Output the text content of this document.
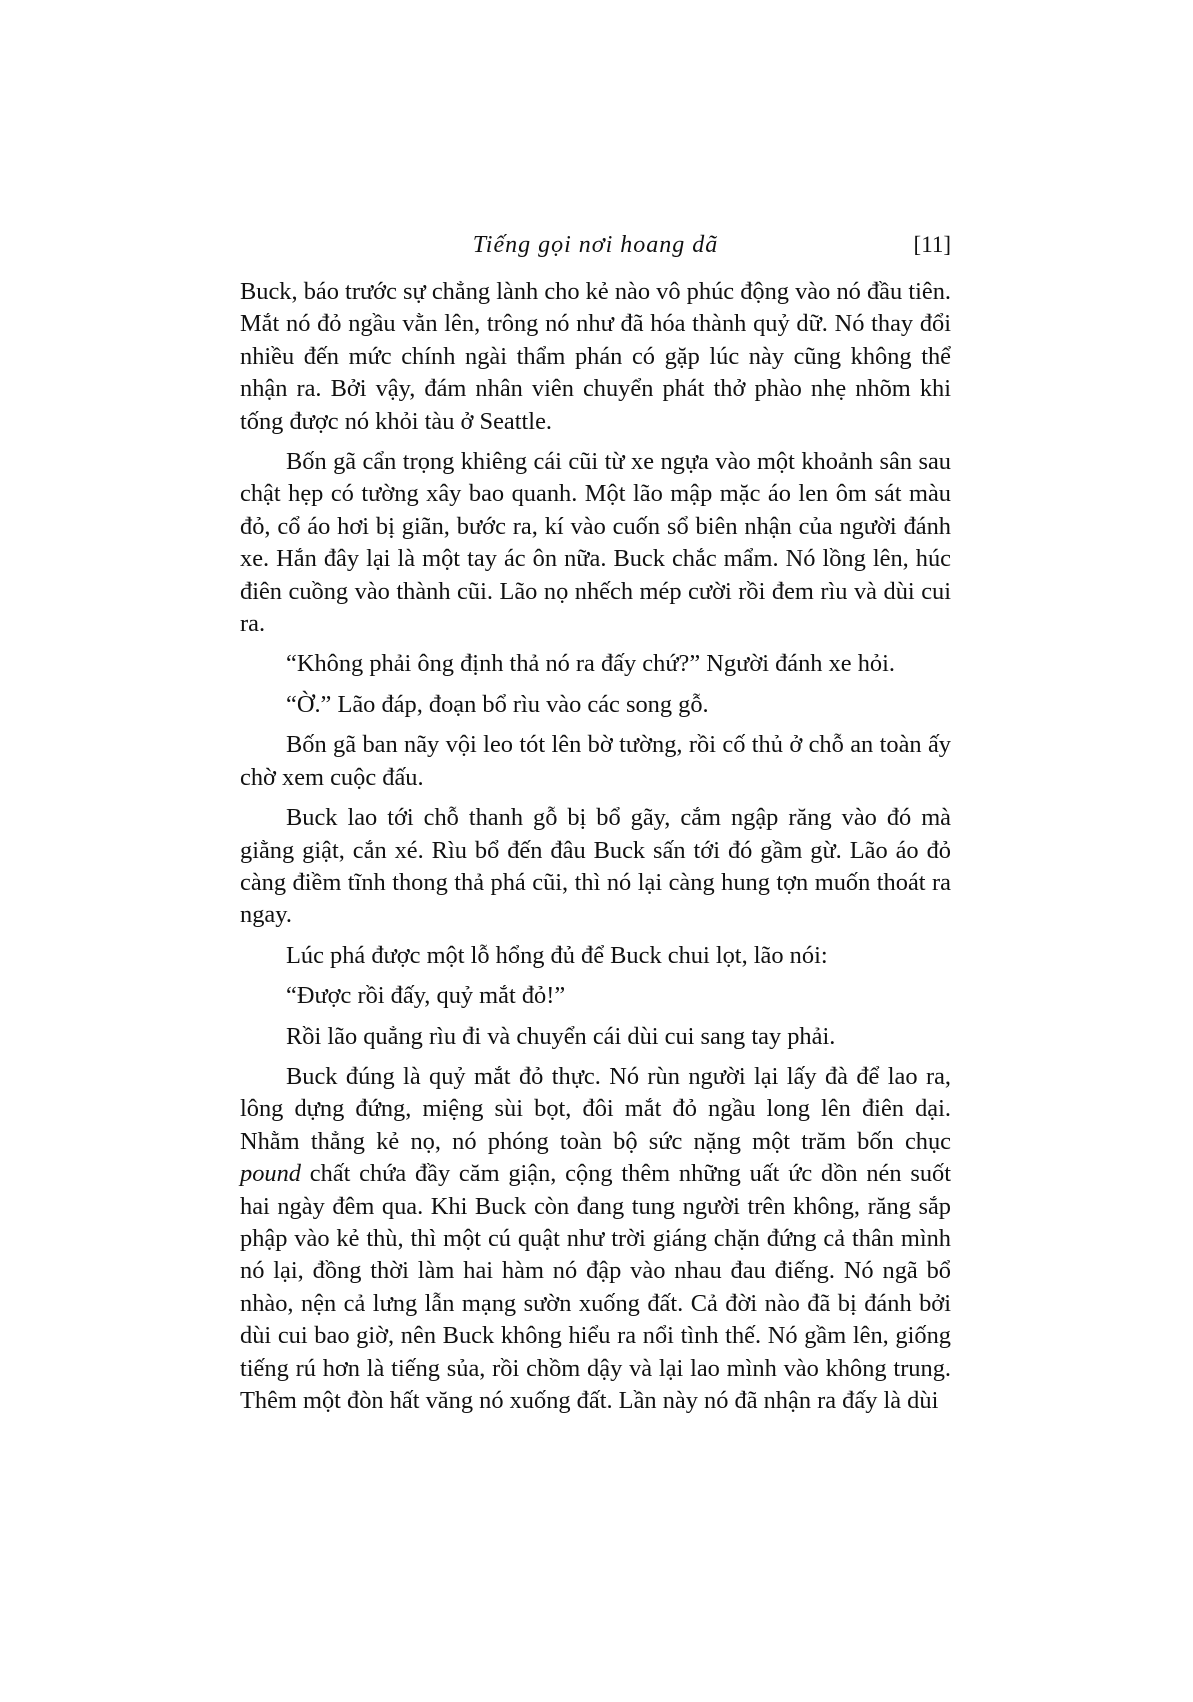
Tiếng gọi nơi hoang dã	[11]

Buck, báo trước sự chẳng lành cho kẻ nào vô phúc động vào nó đầu tiên. Mắt nó đỏ ngầu vằn lên, trông nó như đã hóa thành quỷ dữ. Nó thay đổi nhiều đến mức chính ngài thẩm phán có gặp lúc này cũng không thể nhận ra. Bởi vậy, đám nhân viên chuyển phát thở phào nhẹ nhõm khi tống được nó khỏi tàu ở Seattle.

Bốn gã cẩn trọng khiêng cái cũi từ xe ngựa vào một khoảnh sân sau chật hẹp có tường xây bao quanh. Một lão mập mặc áo len ôm sát màu đỏ, cổ áo hơi bị giãn, bước ra, kí vào cuốn sổ biên nhận của người đánh xe. Hắn đây lại là một tay ác ôn nữa. Buck chắc mẩm. Nó lồng lên, húc điên cuồng vào thành cũi. Lão nọ nhếch mép cười rồi đem rìu và dùi cui ra.

“Không phải ông định thả nó ra đấy chứ?” Người đánh xe hỏi.

“Ờ.” Lão đáp, đoạn bổ rìu vào các song gỗ.

Bốn gã ban nãy vội leo tót lên bờ tường, rồi cố thủ ở chỗ an toàn ấy chờ xem cuộc đấu.

Buck lao tới chỗ thanh gỗ bị bổ gãy, cắm ngập răng vào đó mà giằng giật, cắn xé. Rìu bổ đến đâu Buck sấn tới đó gầm gừ. Lão áo đỏ càng điềm tĩnh thong thả phá cũi, thì nó lại càng hung tợn muốn thoát ra ngay.

Lúc phá được một lỗ hổng đủ để Buck chui lọt, lão nói:

“Được rồi đấy, quỷ mắt đỏ!”

Rồi lão quẳng rìu đi và chuyển cái dùi cui sang tay phải.

Buck đúng là quỷ mắt đỏ thực. Nó rùn người lại lấy đà để lao ra, lông dựng đứng, miệng sùi bọt, đôi mắt đỏ ngầu long lên điên dại. Nhằm thẳng kẻ nọ, nó phóng toàn bộ sức nặng một trăm bốn chục pound chất chứa đầy căm giận, cộng thêm những uất ức dồn nén suốt hai ngày đêm qua. Khi Buck còn đang tung người trên không, răng sắp phập vào kẻ thù, thì một cú quật như trời giáng chặn đứng cả thân mình nó lại, đồng thời làm hai hàm nó đập vào nhau đau điếng. Nó ngã bổ nhào, nện cả lưng lẫn mạng sườn xuống đất. Cả đời nào đã bị đánh bởi dùi cui bao giờ, nên Buck không hiểu ra nổi tình thế. Nó gầm lên, giống tiếng rú hơn là tiếng sủa, rồi chồm dậy và lại lao mình vào không trung. Thêm một đòn hất văng nó xuống đất. Lần này nó đã nhận ra đấy là dùi
